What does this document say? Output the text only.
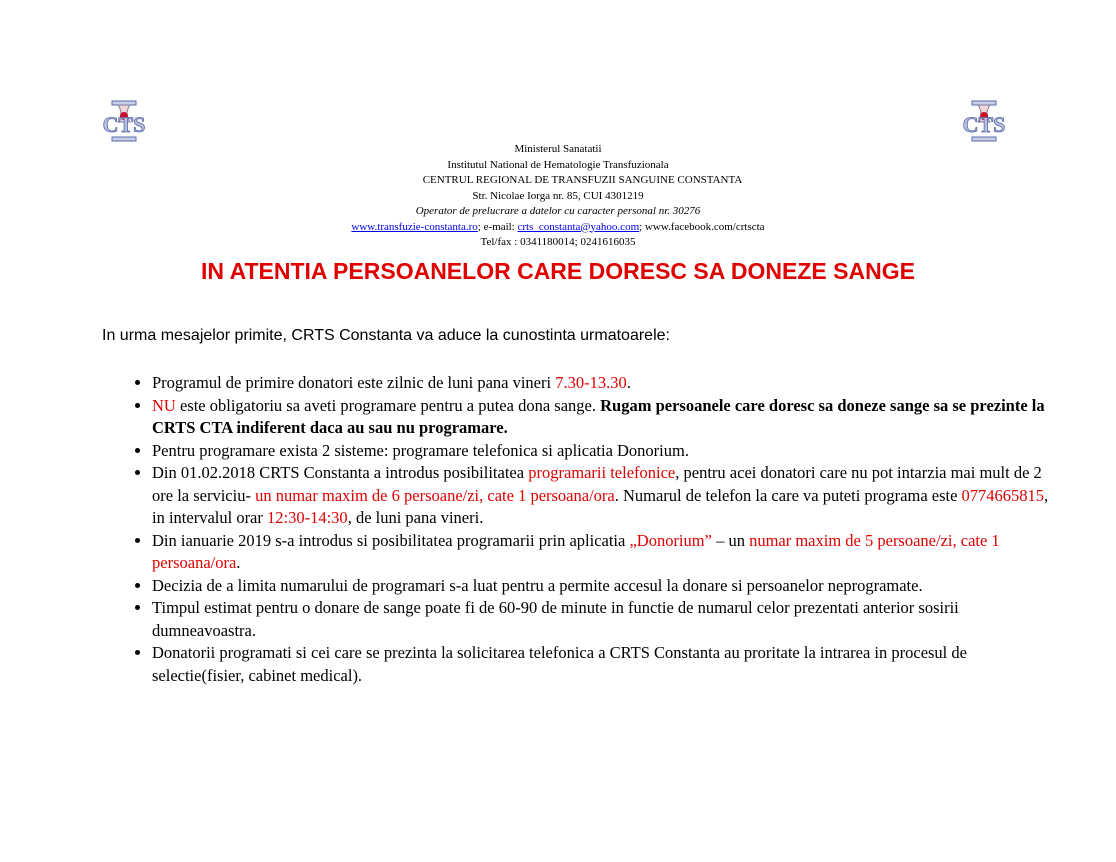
CTS	CTS
Ministerul Sanatatii
Institutul National de Hematologie Transfuzionala
CENTRUL REGIONAL DE TRANSFUZII SANGUINE CONSTANTA
Str. Nicolae Iorga nr. 85, CUI 4301219
Operator de prelucrare a datelor cu caracter personal nr. 30276
www.transfuzie-constanta.ro; e-mail: crts_constanta@yahoo.com; www.facebook.com/crtscta
Tel/fax : 0341180014; 0241616035
IN ATENTIA PERSOANELOR CARE DORESC SA DONEZE SANGE
In urma mesajelor primite, CRTS Constanta va aduce la cunostinta urmatoarele:
• Programul de primire donatori este zilnic de luni pana vineri 7.30-13.30.
• NU este obligatoriu sa aveti programare pentru a putea dona sange. Rugam persoanele care doresc sa doneze sange sa se prezinte la CRTS CTA indiferent daca au sau nu programare.
• Pentru programare exista 2 sisteme: programare telefonica si aplicatia Donorium.
• Din 01.02.2018 CRTS Constanta a introdus posibilitatea programarii telefonice, pentru acei donatori care nu pot intarzia mai mult de 2 ore la serviciu- un numar maxim de 6 persoane/zi, cate 1 persoana/ora. Numarul de telefon la care va puteti programa este 0774665815, in intervalul orar 12:30-14:30, de luni pana vineri.
• Din ianuarie 2019 s-a introdus si posibilitatea programarii prin aplicatia „Donorium” – un numar maxim de 5 persoane/zi, cate 1 persoana/ora.
• Decizia de a limita numarului de programari s-a luat pentru a permite accesul la donare si persoanelor neprogramate.
• Timpul estimat pentru o donare de sange poate fi de 60-90 de minute in functie de numarul celor prezentati anterior sosirii dumneavoastra.
• Donatorii programati si cei care se prezinta la solicitarea telefonica a CRTS Constanta au proritate la intrarea in procesul de selectie(fisier, cabinet medical).
